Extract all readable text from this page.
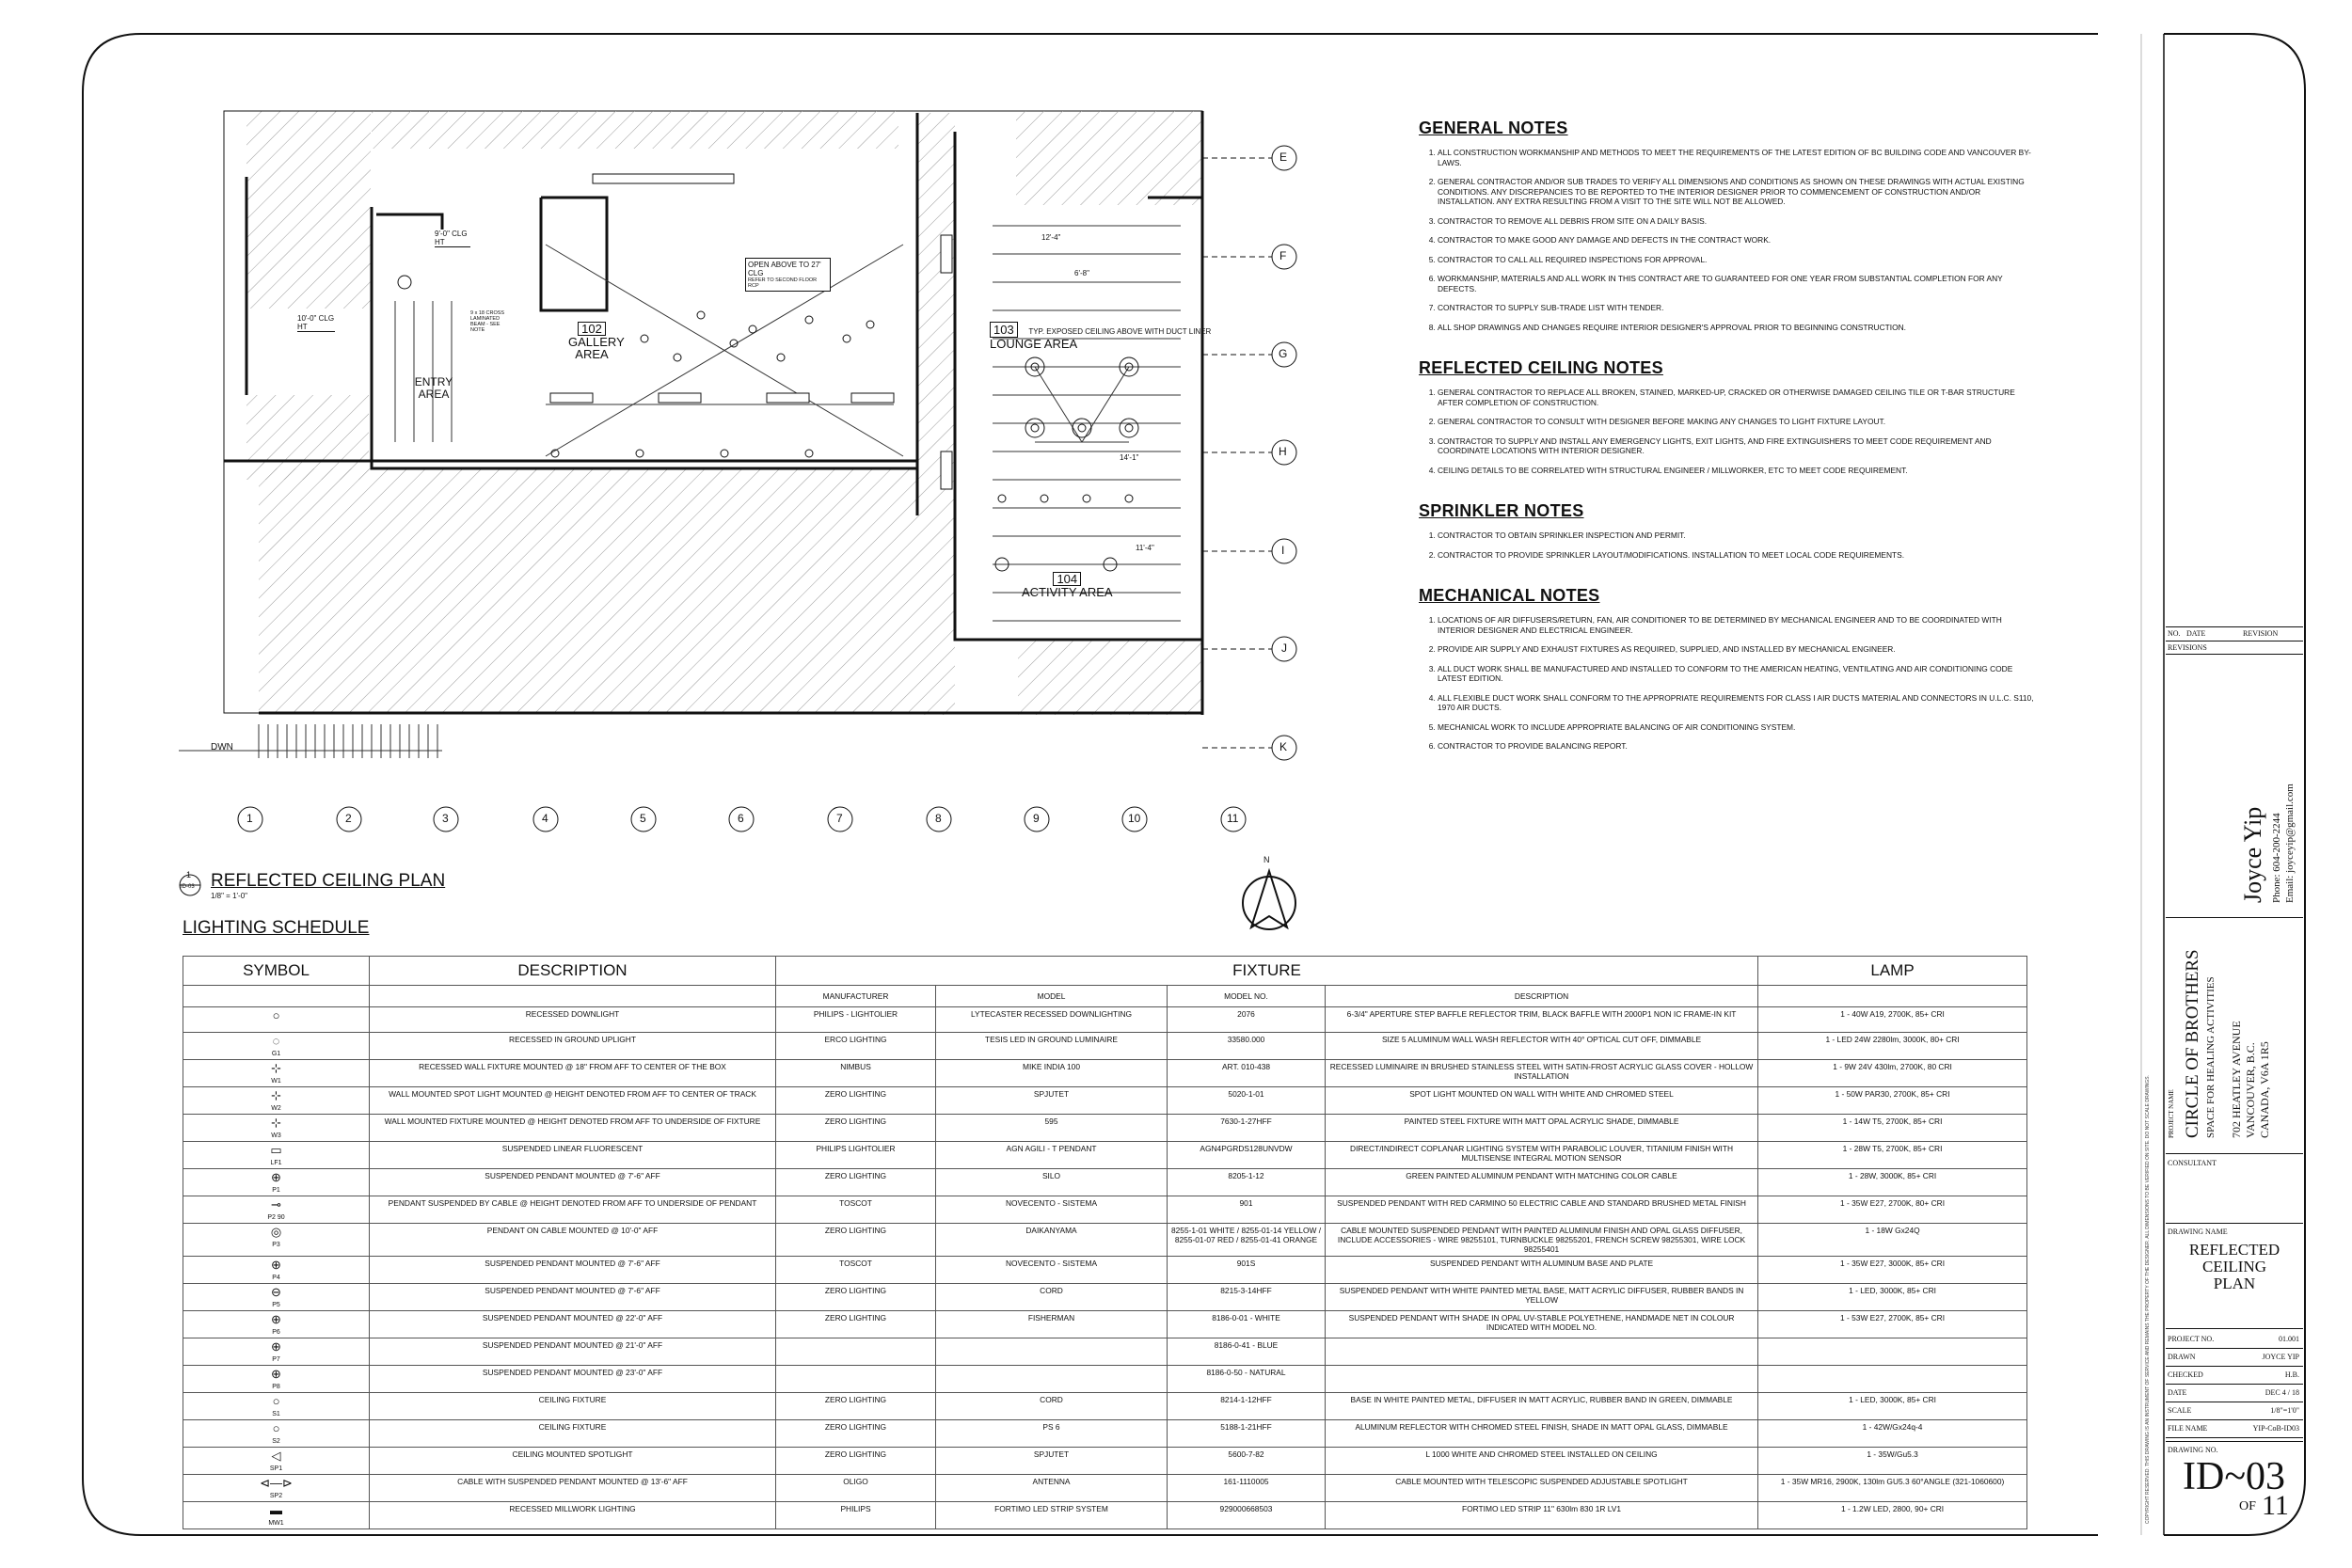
E
F
G
H
I
J
K
1	2	3	4	5	6	7	8	9	10	11
102
GALLERY AREA
103 TYP. EXPOSED CEILING ABOVE WITH DUCT LINER
LOUNGE AREA
104
ACTIVITY AREA
ENTRY AREA
OPEN ABOVE TO 27' CLG
REFER TO SECOND FLOOR RCP
9'-0" CLG HT
10'-0" CLG HT
9 x 18 CROSS LAMINATED BEAM - SEE NOTE
DWN
12'-4"
6'-8"
14'-1"
11'-4"
N
1
ID-03 REFLECTED CEILING PLAN
1/8" = 1'-0"
GENERAL NOTES
1. ALL CONSTRUCTION WORKMANSHIP AND METHODS TO MEET THE REQUIREMENTS OF THE LATEST EDITION OF BC BUILDING CODE AND VANCOUVER BY-LAWS.
2. GENERAL CONTRACTOR AND/OR SUB TRADES TO VERIFY ALL DIMENSIONS AND CONDITIONS AS SHOWN ON THESE DRAWINGS WITH ACTUAL EXISTING CONDITIONS. ANY DISCREPANCIES TO BE REPORTED TO THE INTERIOR DESIGNER PRIOR TO COMMENCEMENT OF CONSTRUCTION AND/OR INSTALLATION. ANY EXTRA RESULTING FROM A VISIT TO THE SITE WILL NOT BE ALLOWED.
3. CONTRACTOR TO REMOVE ALL DEBRIS FROM SITE ON A DAILY BASIS.
4. CONTRACTOR TO MAKE GOOD ANY DAMAGE AND DEFECTS IN THE CONTRACT WORK.
5. CONTRACTOR TO CALL ALL REQUIRED INSPECTIONS FOR APPROVAL.
6. WORKMANSHIP, MATERIALS AND ALL WORK IN THIS CONTRACT ARE TO GUARANTEED FOR ONE YEAR FROM SUBSTANTIAL COMPLETION FOR ANY DEFECTS.
7. CONTRACTOR TO SUPPLY SUB-TRADE LIST WITH TENDER.
8. ALL SHOP DRAWINGS AND CHANGES REQUIRE INTERIOR DESIGNER'S APPROVAL PRIOR TO BEGINNING CONSTRUCTION.
REFLECTED CEILING NOTES
1. GENERAL CONTRACTOR TO REPLACE ALL BROKEN, STAINED, MARKED-UP, CRACKED OR OTHERWISE DAMAGED CEILING TILE OR T-BAR STRUCTURE AFTER COMPLETION OF CONSTRUCTION.
2. GENERAL CONTRACTOR TO CONSULT WITH DESIGNER BEFORE MAKING ANY CHANGES TO LIGHT FIXTURE LAYOUT.
3. CONTRACTOR TO SUPPLY AND INSTALL ANY EMERGENCY LIGHTS, EXIT LIGHTS, AND FIRE EXTINGUISHERS TO MEET CODE REQUIREMENT AND COORDINATE LOCATIONS WITH INTERIOR DESIGNER.
4. CEILING DETAILS TO BE CORRELATED WITH STRUCTURAL ENGINEER / MILLWORKER, ETC TO MEET CODE REQUIREMENT.
SPRINKLER NOTES
1. CONTRACTOR TO OBTAIN SPRINKLER INSPECTION AND PERMIT.
2. CONTRACTOR TO PROVIDE SPRINKLER LAYOUT/MODIFICATIONS. INSTALLATION TO MEET LOCAL CODE REQUIREMENTS.
MECHANICAL NOTES
1. LOCATIONS OF AIR DIFFUSERS/RETURN, FAN, AIR CONDITIONER TO BE DETERMINED BY MECHANICAL ENGINEER AND TO BE COORDINATED WITH INTERIOR DESIGNER AND ELECTRICAL ENGINEER.
2. PROVIDE AIR SUPPLY AND EXHAUST FIXTURES AS REQUIRED, SUPPLIED, AND INSTALLED BY MECHANICAL ENGINEER.
3. ALL DUCT WORK SHALL BE MANUFACTURED AND INSTALLED TO CONFORM TO THE AMERICAN HEATING, VENTILATING AND AIR CONDITIONING CODE LATEST EDITION.
4. ALL FLEXIBLE DUCT WORK SHALL CONFORM TO THE APPROPRIATE REQUIREMENTS FOR CLASS I AIR DUCTS MATERIAL AND CONNECTORS IN U.L.C. S110, 1970 AIR DUCTS.
5. MECHANICAL WORK TO INCLUDE APPROPRIATE BALANCING OF AIR CONDITIONING SYSTEM.
6. CONTRACTOR TO PROVIDE BALANCING REPORT.
LIGHTING SCHEDULE
SYMBOL	DESCRIPTION	FIXTURE				LAMP
		MANUFACTURER	MODEL	MODEL NO.	DESCRIPTION	

○	RECESSED DOWNLIGHT	PHILIPS - LIGHTOLIER	LYTECASTER RECESSED DOWNLIGHTING	2076	6-3/4" APERTURE STEP BAFFLE REFLECTOR TRIM, BLACK BAFFLE WITH 2000P1 NON IC FRAME-IN KIT	1 - 40W A19, 2700K, 85+ CRI

◌
G1	RECESSED IN GROUND UPLIGHT	ERCO LIGHTING	TESIS LED IN GROUND LUMINAIRE	33580.000	SIZE 5 ALUMINUM WALL WASH REFLECTOR WITH 40° OPTICAL CUT OFF, DIMMABLE	1 - LED 24W 2280lm, 3000K, 80+ CRI

⊹
W1	RECESSED WALL FIXTURE MOUNTED @ 18" FROM AFF TO CENTER OF THE BOX	NIMBUS	MIKE INDIA 100	ART. 010-438	RECESSED LUMINAIRE IN BRUSHED STAINLESS STEEL WITH SATIN-FROST ACRYLIC GLASS COVER - HOLLOW INSTALLATION	1 - 9W 24V 430lm, 2700K, 80 CRI

⊹
W2	WALL MOUNTED SPOT LIGHT MOUNTED @ HEIGHT DENOTED FROM AFF TO CENTER OF TRACK	ZERO LIGHTING	SPJUTET	5020-1-01	SPOT LIGHT MOUNTED ON WALL WITH WHITE AND CHROMED STEEL	1 - 50W PAR30, 2700K, 85+ CRI

⊹
W3	WALL MOUNTED FIXTURE MOUNTED @ HEIGHT DENOTED FROM AFF TO UNDERSIDE OF FIXTURE	ZERO LIGHTING	595	7630-1-27HFF	PAINTED STEEL FIXTURE WITH MATT OPAL ACRYLIC SHADE, DIMMABLE	1 - 14W T5, 2700K, 85+ CRI

▭
LF1	SUSPENDED LINEAR FLUORESCENT	PHILIPS LIGHTOLIER	AGN AGILI - T PENDANT	AGN4PGRDS128UNVDW	DIRECT/INDIRECT COPLANAR LIGHTING SYSTEM WITH PARABOLIC LOUVER, TITANIUM FINISH WITH MULTISENSE INTEGRAL MOTION SENSOR	1 - 28W T5, 2700K, 85+ CRI

⊕
P1	SUSPENDED PENDANT MOUNTED @ 7'-6" AFF	ZERO LIGHTING	SILO	8205-1-12	GREEN PAINTED ALUMINUM PENDANT WITH MATCHING COLOR CABLE	1 - 28W, 3000K, 85+ CRI

⊸
P2 90	PENDANT SUSPENDED BY CABLE @ HEIGHT DENOTED FROM AFF TO UNDERSIDE OF PENDANT	TOSCOT	NOVECENTO - SISTEMA	901	SUSPENDED PENDANT WITH RED CARMINO 50 ELECTRIC CABLE AND STANDARD BRUSHED METAL FINISH	1 - 35W E27, 2700K, 80+ CRI

◎
P3	PENDANT ON CABLE MOUNTED @ 10'-0" AFF	ZERO LIGHTING	DAIKANYAMA	8255-1-01 WHITE / 8255-01-14 YELLOW / 8255-01-07 RED / 8255-01-41 ORANGE	CABLE MOUNTED SUSPENDED PENDANT WITH PAINTED ALUMINUM FINISH AND OPAL GLASS DIFFUSER, INCLUDE ACCESSORIES - WIRE 98255101, TURNBUCKLE 98255201, FRENCH SCREW 98255301, WIRE LOCK 98255401	1 - 18W Gx24Q

⊕
P4	SUSPENDED PENDANT MOUNTED @ 7'-6" AFF	TOSCOT	NOVECENTO - SISTEMA	901S	SUSPENDED PENDANT WITH ALUMINUM BASE AND PLATE	1 - 35W E27, 3000K, 85+ CRI

⊖
P5	SUSPENDED PENDANT MOUNTED @ 7'-6" AFF	ZERO LIGHTING	CORD	8215-3-14HFF	SUSPENDED PENDANT WITH WHITE PAINTED METAL BASE, MATT ACRYLIC DIFFUSER, RUBBER BANDS IN YELLOW	1 - LED, 3000K, 85+ CRI

⊕
P6	SUSPENDED PENDANT MOUNTED @ 22'-0" AFF	ZERO LIGHTING	FISHERMAN	8186-0-01 - WHITE	SUSPENDED PENDANT WITH SHADE IN OPAL UV-STABLE POLYETHENE, HANDMADE NET IN COLOUR INDICATED WITH MODEL NO.	1 - 53W E27, 2700K, 85+ CRI

⊕
P7	SUSPENDED PENDANT MOUNTED @ 21'-0" AFF			8186-0-41 - BLUE		

⊕
P8	SUSPENDED PENDANT MOUNTED @ 23'-0" AFF			8186-0-50 - NATURAL		

○
S1	CEILING FIXTURE	ZERO LIGHTING	CORD	8214-1-12HFF	BASE IN WHITE PAINTED METAL, DIFFUSER IN MATT ACRYLIC, RUBBER BAND IN GREEN, DIMMABLE	1 - LED, 3000K, 85+ CRI

○
S2	CEILING FIXTURE	ZERO LIGHTING	PS 6	5188-1-21HFF	ALUMINUM REFLECTOR WITH CHROMED STEEL FINISH, SHADE IN MATT OPAL GLASS, DIMMABLE	1 - 42W/Gx24q-4

◁
SP1	CEILING MOUNTED SPOTLIGHT	ZERO LIGHTING	SPJUTET	5600-7-82	L 1000 WHITE AND CHROMED STEEL INSTALLED ON CEILING	1 - 35W/Gu5.3

⊲—⊳
SP2	CABLE WITH SUSPENDED PENDANT MOUNTED @ 13'-6" AFF	OLIGO	ANTENNA	161-1110005	CABLE MOUNTED WITH TELESCOPIC SUSPENDED ADJUSTABLE SPOTLIGHT	1 - 35W MR16, 2900K, 130lm GU5.3 60°ANGLE (321-1060600)

▬
MW1	RECESSED MILLWORK LIGHTING	PHILIPS	FORTIMO LED STRIP SYSTEM	929000668503	FORTIMO LED STRIP 11" 630lm 830 1R LV1	1 - 1.2W LED, 2800, 90+ CRI	COPYRIGHT RESERVED. THIS DRAWING IS AN INSTRUMENT OF SERVICE AND REMAINS THE PROPERTY OF THE DESIGNER. ALL DIMENSIONS TO BE VERIFIED ON SITE. DO NOT SCALE DRAWINGS.
NO. DATE	REVISION
REVISIONS
Joyce Yip Phone: 604-200-2244 Email: joyceyip@gmail.com
PROJECT NAME CIRCLE OF BROTHERS SPACE FOR HEALING ACTIVITIES 702 HEATLEY AVENUE VANCOUVER, B.C. CANADA, V6A 1R5
CONSULTANT
DRAWING NAME
REFLECTED
CEILING
PLAN
PROJECT NO.	01.001
DRAWN	JOYCE YIP
CHECKED	H.B.
DATE	DEC 4 / 18
SCALE	1/8"=1'0"
FILE NAME	YIP-CoB-ID03
DRAWING NO.
ID~03
OF 11
